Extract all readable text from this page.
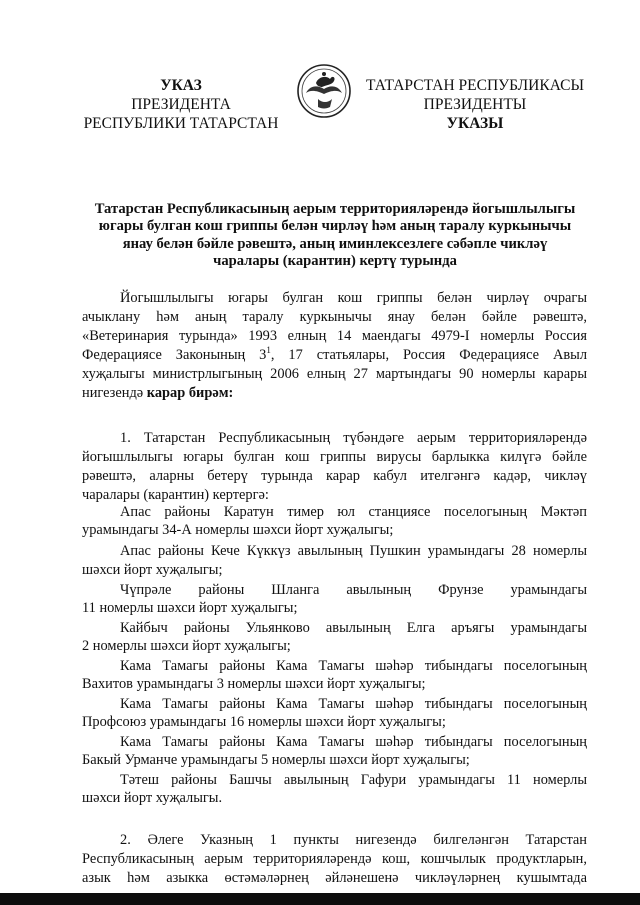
УКАЗ
ПРЕЗИДЕНТА
РЕСПУБЛИКИ ТАТАРСТАН
ТАТАРСТАН РЕСПУБЛИКАСЫ
ПРЕЗИДЕНТЫ
УКАЗЫ
Татарстан Республикасының аерым территорияләрендә йогышлылыгы
югары булган кош гриппы белән чирләү һәм аның таралу куркынычы
янау белән бәйле рәвештә, аның иминлексезлеге сәбәпле чикләү
чаралары (карантин) кертү турында
Йогышлылыгы югары булган кош гриппы белән чирләү очрагы
ачыклану һәм аның таралу куркынычы янау белән бәйле рәвештә,
«Ветеринария турында» 1993 елның 14 маендагы 4979-I номерлы Россия
Федерациясе Законының $3^1$, 17 статьялары, Россия Федерациясе Авыл
хуҗалыгы министрлыгының 2006 елның 27 мартындагы 90 номерлы карары
нигезендә карар бирәм:
1. Татарстан Республикасының түбәндәге аерым территорияләрендә
йогышлылыгы югары булган кош гриппы вирусы барлыкка килүгә бәйле
рәвештә, аларны бетерү турында карар кабул ителгәнгә кадәр, чикләү
чаралары (карантин) кертергә:
Апас районы Каратун тимер юл станциясе поселогының Мәктәп
урамындагы 34-А номерлы шәхси йорт хуҗалыгы;
Апас районы Кече Күккүз авылының Пушкин урамындагы 28 номерлы
шәхси йорт хуҗалыгы;
Чүпрәле районы Шланга авылының Фрунзе урамындагы
11 номерлы шәхси йорт хуҗалыгы;
Кайбыч районы Ульянково авылының Елга аръягы урамындагы
2 номерлы шәхси йорт хуҗалыгы;
Кама Тамагы районы Кама Тамагы шәһәр тибындагы поселогының
Вахитов урамындагы 3 номерлы шәхси йорт хуҗалыгы;
Кама Тамагы районы Кама Тамагы шәһәр тибындагы поселогының
Профсоюз урамындагы 16 номерлы шәхси йорт хуҗалыгы;
Кама Тамагы районы Кама Тамагы шәһәр тибындагы поселогының
Бакый Урманче урамындагы 5 номерлы шәхси йорт хуҗалыгы;
Тәтеш районы Башчы авылының Гафури урамындагы 11 номерлы
шәхси йорт хуҗалыгы.
2. Әлеге Указның 1 пункты нигезендә билгеләнгән Татарстан
Республикасының аерым территорияләрендә кош, кошчылык продуктларын,
азык һәм азыкка өстәмәләрнең әйләнешенә чикләүләрнең кушымтада
